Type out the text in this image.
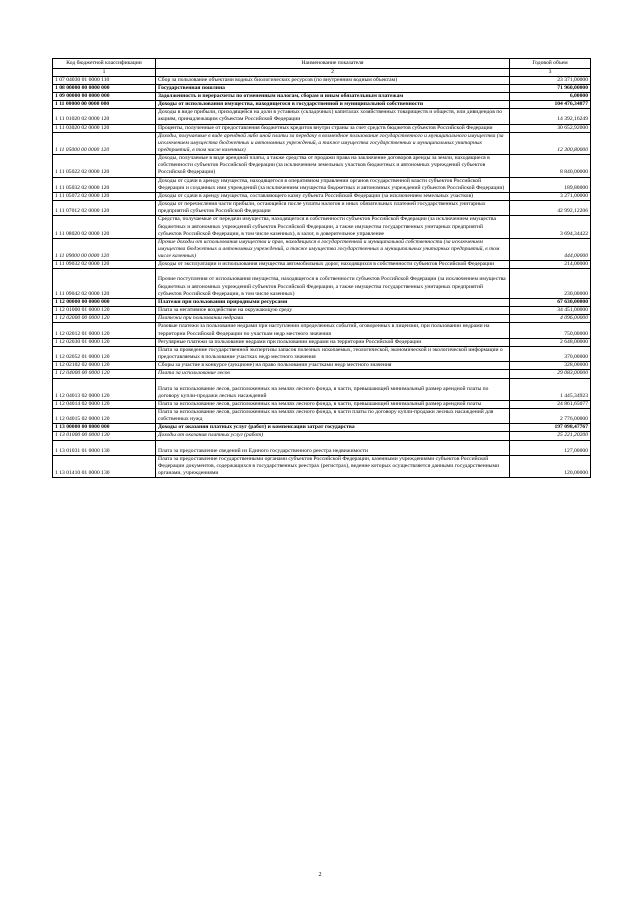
Код бюджетной классификации	Наименование показателя	Годовой объем
1	2	3
1 07 04030 01 0000 110	Сбор за пользование объектами водных биологических ресурсов (по внутренним водным объектам)	23 371,00000
1 08 00000 00 0000 000	Государственная пошлина	71 960,00000
1 09 00000 00 0000 000	Задолженность и перерасчеты по отмененным налогам, сборам и иным обязательным платежам	6,00000
1 11 00000 00 0000 000	Доходы от использования имущества, находящегося в государственной и муниципальной собственности	104 476,34877
1 11 01020 02 0000 120	Доходы в виде прибыли, приходящейся на доли в уставных (складочных) капиталах хозяйственных товариществ и обществ, или дивидендов по акциям, принадлежащим субъектам Российской Федерации	14 392,16249
1 11 03020 02 0000 120	Проценты, полученные от предоставления бюджетных кредитов внутри страны за счет средств бюджетов субъектов Российской Федерации	30 652,92000
1 11 05000 00 0000 120	Доходы, получаемые в виде арендной либо иной платы за передачу в возмездное пользование государственного и муниципального имущества (за исключением имущества бюджетных и автономных учреждений, а также имущества государственных и муниципальных унитарных предприятий, в том числе казенных)	12 300,80000
1 11 05022 02 0000 120	Доходы, получаемые в виде арендной платы, а также средства от продажи права на заключение договоров аренды за земли, находящиеся в собственности субъектов Российской Федерации (за исключением земельных участков бюджетных и автономных учреждений субъектов Российской Федерации)	8 840,00000
1 11 05032 02 0000 120	Доходы от сдачи в аренду имущества, находящегося в оперативном управлении органов государственной власти субъектов Российской Федерации и созданных ими учреждений (за исключением имущества бюджетных и автономных учреждений субъектов Российской Федерации)	189,80000
1 11 05072 02 0000 120	Доходы от сдачи в аренду имущества, составляющего казну субъекта Российской Федерации (за исключением земельных участков)	3 271,00000
1 11 07012 02 0000 120	Доходы от перечисления части прибыли, остающейся после уплаты налогов и иных обязательных платежей государственных унитарных предприятий субъектов Российской Федерации	42 992,12206
1 11 08020 02 0000 120	Средства, получаемые от передачи имущества, находящегося в собственности субъектов Российской Федерации (за исключением имущества бюджетных и автономных учреждений субъектов Российской Федерации, а также имущества государственных унитарных предприятий субъектов Российской Федерации, в том числе казенных), в залог, в доверительное управление	3 694,34422
1 11 09000 00 0000 120	Прочие доходы от использования имущества и прав, находящихся в государственной и муниципальной собственности (за исключением имущества бюджетных и автономных учреждений, а также имущества государственных и муниципальных унитарных предприятий, в том числе казенных)	444,00000
1 11 09032 02 0000 120	Доходы от эксплуатации и использования имущества автомобильных дорог, находящихся в собственности субъектов Российской Федерации	214,00000
1 11 09042 02 0000 120	Прочие поступления от использования имущества, находящегося в собственности субъектов Российской Федерации (за исключением имущества бюджетных и автономных учреждений субъектов Российской Федерации, а также имущества государственных унитарных предприятий субъектов Российской Федерации, в том числе казенных)	230,00000
1 12 00000 00 0000 000	Платежи при пользовании природными ресурсами	67 630,00000
1 12 01000 01 0000 120	Плата за негативное воздействие на окружающую среду	34 451,00000
1 12 02000 00 0000 120	Платежи при пользовании недрами	4 096,00000
1 12 02012 01 0000 120	Разовые платежи за пользование недрами при наступлении определенных событий, оговоренных в лицензии, при пользовании недрами на территории Российской Федерации по участкам недр местного значения	750,00000
1 12 02030 01 0000 120	Регулярные платежи за пользование недрами при пользовании недрами на территории Российской Федерации	2 648,00000
1 12 02052 01 0000 120	Плата за проведение государственной экспертизы запасов полезных ископаемых, геологической, экономической и экологической информации о предоставляемых в пользование участках недр местного значения	370,00000
1 12 02102 02 0000 120	Сборы за участие в конкурсе (аукционе) на право пользования участками недр местного значения	328,00000
1 12 04000 00 0000 120	Плата за использование лесов	29 083,00000
1 12 04013 02 0000 120	Плата за использование лесов, расположенных на землях лесного фонда, в части, превышающей минимальный размер арендной платы по договору купли-продажи лесных насаждений	1 445,34923
1 12 04014 02 0000 120	Плата за использование лесов, расположенных на землях лесного фонда, в части, превышающей минимальный размер арендной платы	24 861,65077
1 12 04015 02 0000 120	Плата за использование лесов, расположенных на землях лесного фонда, в части платы по договору купли-продажи лесных насаждений для собственных нужд	2 776,00000
1 13 00000 00 0000 000	Доходы от оказания платных услуг (работ) и компенсации затрат государства	197 098,47767
1 13 01000 00 0000 130	Доходы от оказания платных услуг (работ)	25 221,20200
1 13 01031 01 0000 130	Плата за предоставление сведений из Единого государственного реестра недвижимости	127,00000
1 13 01410 01 0000 130	Плата за предоставление государственными органами субъектов Российской Федерации, казенными учреждениями субъектов Российской Федерации документов, содержащихся в государственных реестрах (регистрах), ведение которых осуществляется данными государственными органами, учреждениями	120,00000
2
